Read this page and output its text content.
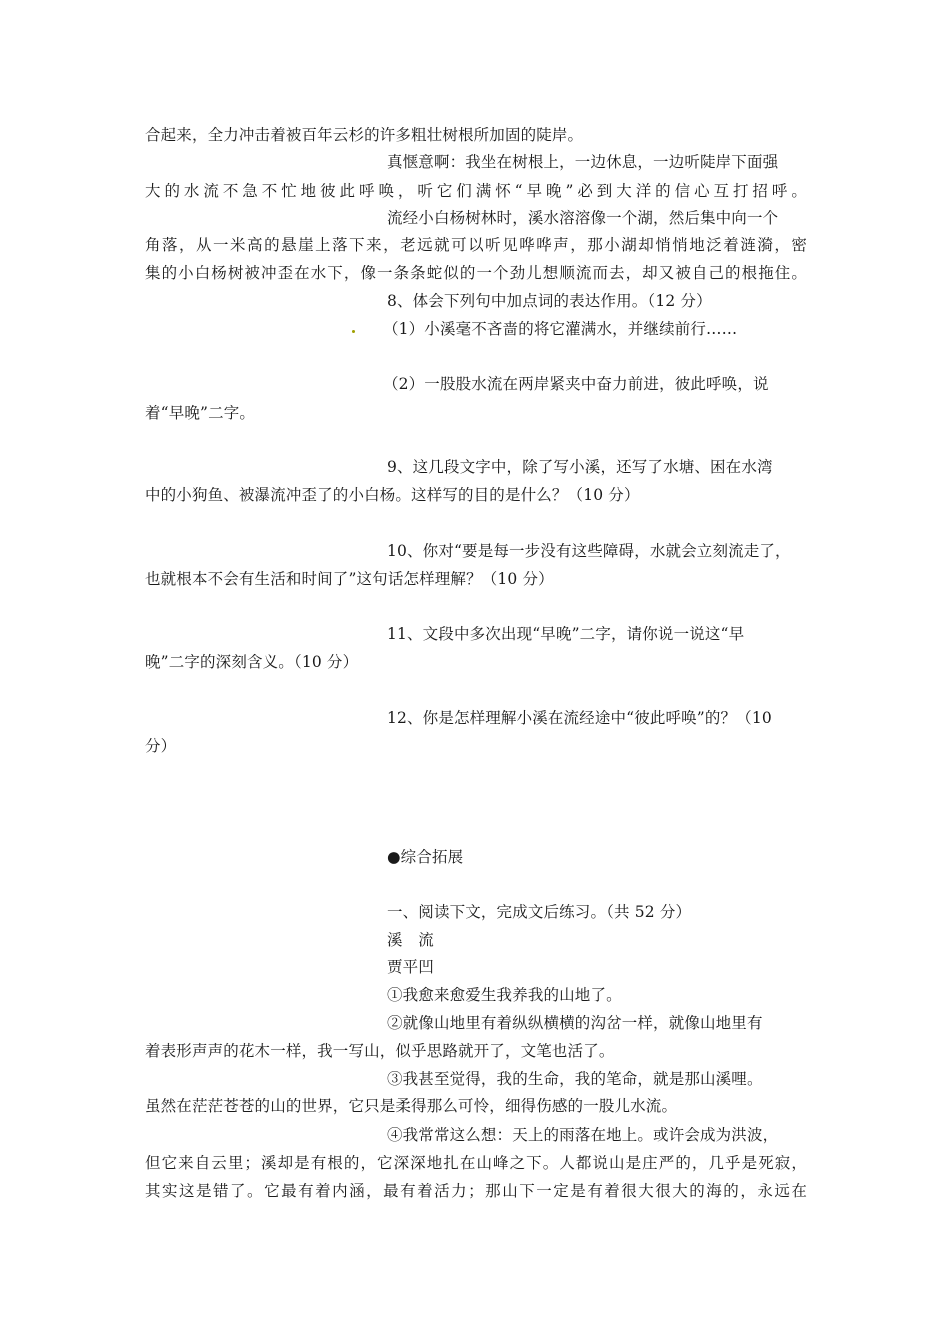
合起来，全力冲击着被百年云杉的许多粗壮树根所加固的陡岸。
真惬意啊：我坐在树根上，一边休息，一边听陡岸下面强
大的水流不急不忙地彼此呼唤，听它们满怀“早晚”必到大洋的信心互打招呼。
流经小白杨树林时，溪水溶溶像一个湖，然后集中向一个
角落，从一米高的悬崖上落下来，老远就可以听见哗哗声，那小湖却悄悄地泛着涟漪，密
集的小白杨树被冲歪在水下，像一条条蛇似的一个劲儿想顺流而去，却又被自己的根拖住。
8、体会下列句中加点词的表达作用。（12 分）
（1）小溪毫不吝啬的将它灌满水，并继续前行……
（2）一股股水流在两岸紧夹中奋力前进，彼此呼唤，说
着“早晚”二字。
9、这几段文字中，除了写小溪，还写了水塘、困在水湾
中的小狗鱼、被瀑流冲歪了的小白杨。这样写的目的是什么？（10 分）
10、你对“要是每一步没有这些障碍，水就会立刻流走了，
也就根本不会有生活和时间了”这句话怎样理解？（10 分）
11、文段中多次出现“早晚”二字，请你说一说这“早
晚”二字的深刻含义。（10 分）
12、你是怎样理解小溪在流经途中“彼此呼唤”的？（10
分）
●综合拓展
一、阅读下文，完成文后练习。（共 52 分）
溪　流
贾平凹
①我愈来愈爱生我养我的山地了。
②就像山地里有着纵纵横横的沟岔一样，就像山地里有
着表形声声的花木一样，我一写山，似乎思路就开了，文笔也活了。
③我甚至觉得，我的生命，我的笔命，就是那山溪哩。
虽然在茫茫苍苍的山的世界，它只是柔得那么可怜，细得伤感的一股儿水流。
④我常常这么想：天上的雨落在地上。或许会成为洪波，
但它来自云里；溪却是有根的，它深深地扎在山峰之下。人都说山是庄严的，几乎是死寂，
其实这是错了。它最有着内涵，最有着活力；那山下一定是有着很大很大的海的，永远在
